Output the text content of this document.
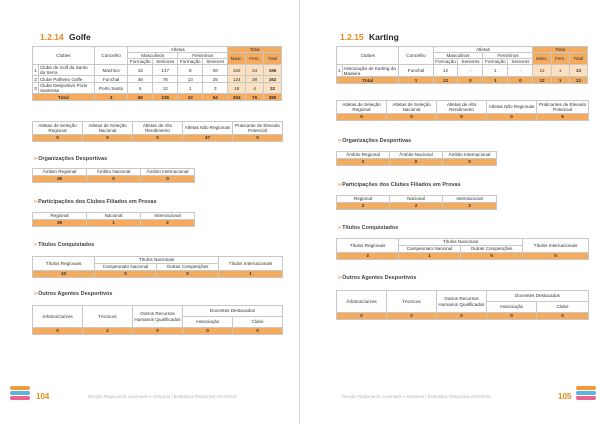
1.2.14 Golfe
Clubes		Concelho	Atletas				Total		
			Masculinos		Femininos		Masc.	Fem.	Total
			Formação	Seniores	Formação	Seniores			
1	Clube de Golf da Santo da Serra	Machico	15	147	8	26	162	34	196
2	Clube Palheiro Golfe	Funchal	48	76	13	25	124	38	162
3	Clube Desportivo Porto Santense	Porto Santo	6	12	1	3	18	4	22
Total		3	69	235	22	54	304	76	380
Atletas de Seleção Regional	Atletas de Seleção Nacional	Atletas de Alto Rendimento	Atletas Não Regionais	Praticante de Elevado Potencial
0	0	0	47	0
»Organizações Desportivas
Âmbito Regional	Âmbito Nacional	Âmbito Internacional
35	0	0
»Participações dos Clubes Filiados em Provas
Regional	Nacional	Internacional
35	1	2
»Títulos Conquistados
Títulos Regionais	Títulos Nacionais		Títulos Internacionais
	Campeonato Nacional	Outras Competições	
10	0	0	1
»Outros Agentes Desportivos
Árbitros/Juízes	Técnicos	Outros Recursos Humanos Qualificados	Docentes Destacados	
			Associação	Clube
0	2	0	0	0
104	Direção Regional de Juventude e Desporto | Estatística Desportiva 2014/2015
1.2.15 Karting
Clubes		Concelho	Atletas				Total		
			Masculinos		Femininos		Masc.	Fem.	Total
			Formação	Seniores	Formação	Seniores			
1	Associação de Karting da Madeira	Funchal	12	-	1	-	12	1	13
Total		1	12	0	1	0	12	1	13
Atletas de Seleção Regional	Atletas de Seleção Nacional	Atletas de Alto Rendimento	Atletas Não Regionais	Praticantes de Elevado Potencial
0	0	0	0	9
»Organizações Desportivas
Âmbito Regional	Âmbito Nacional	Âmbito Internacional
2	0	0
»Participações dos Clubes Filiados em Provas
Regional	Nacional	Internacional
2	2	3
»Títulos Conquistados
Títulos Regionais	Títulos Nacionais		Títulos Internacionais
	Campeonato Nacional	Outras Competições	
3	1	5	0
»Outros Agentes Desportivos
Árbitros/Juízes	Técnicos	Outros Recursos Humanos Qualificados	Docentes Destacados	
			Associação	Clube
0	0	0	0	0
Direção Regional de Juventude e Desporto | Estatística Desportiva 2014/2015	105
